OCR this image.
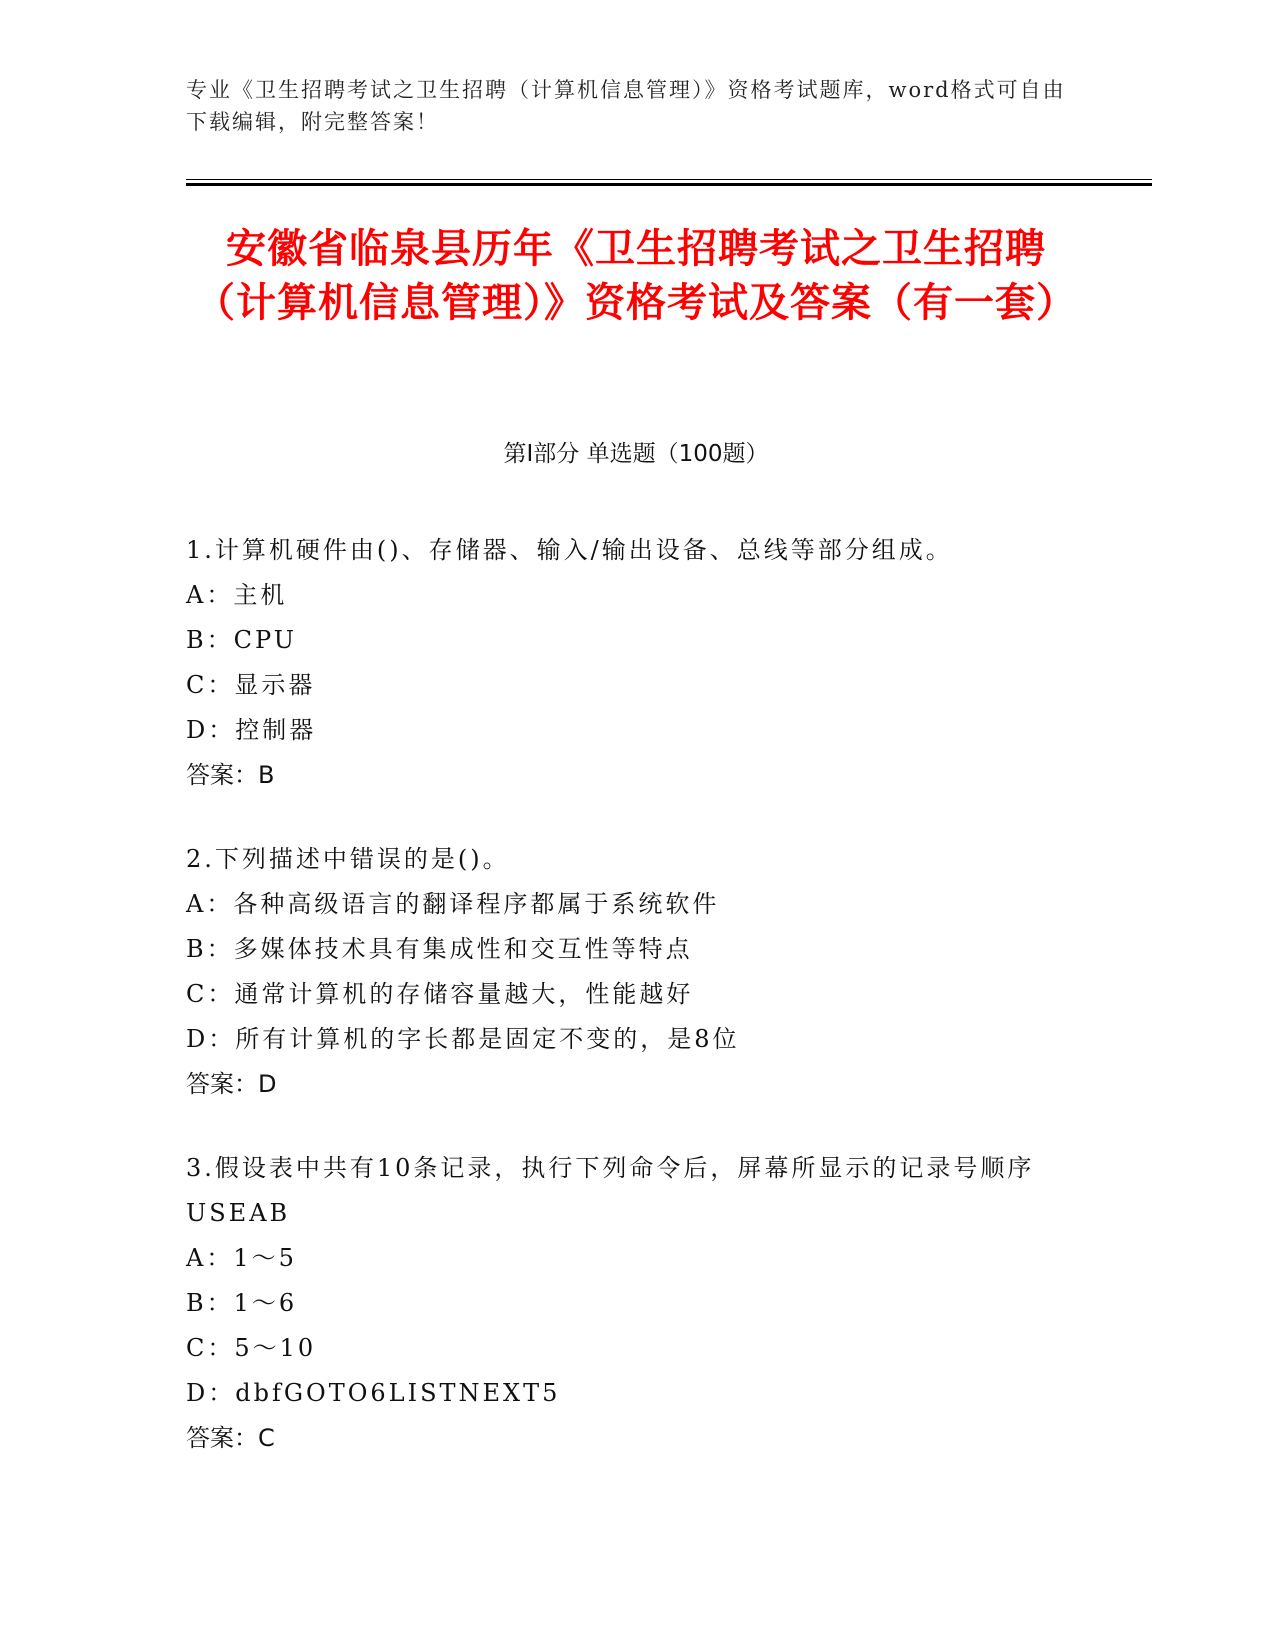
专业《卫生招聘考试之卫生招聘（计算机信息管理）》资格考试题库，word格式可自由下载编辑，附完整答案！
安徽省临泉县历年《卫生招聘考试之卫生招聘（计算机信息管理）》资格考试及答案（有一套）
第Ⅰ部分 单选题（100题）
1.计算机硬件由()、存储器、输入/输出设备、总线等部分组成。
A：主机
B：CPU
C：显示器
D：控制器
答案：B
2.下列描述中错误的是()。
A：各种高级语言的翻译程序都属于系统软件
B：多媒体技术具有集成性和交互性等特点
C：通常计算机的存储容量越大，性能越好
D：所有计算机的字长都是固定不变的，是8位
答案：D
3.假设表中共有10条记录，执行下列命令后，屏幕所显示的记录号顺序USEAB
A：1～5
B：1～6
C：5～10
D：dbfGOTO6LISTNEXT5
答案：C
